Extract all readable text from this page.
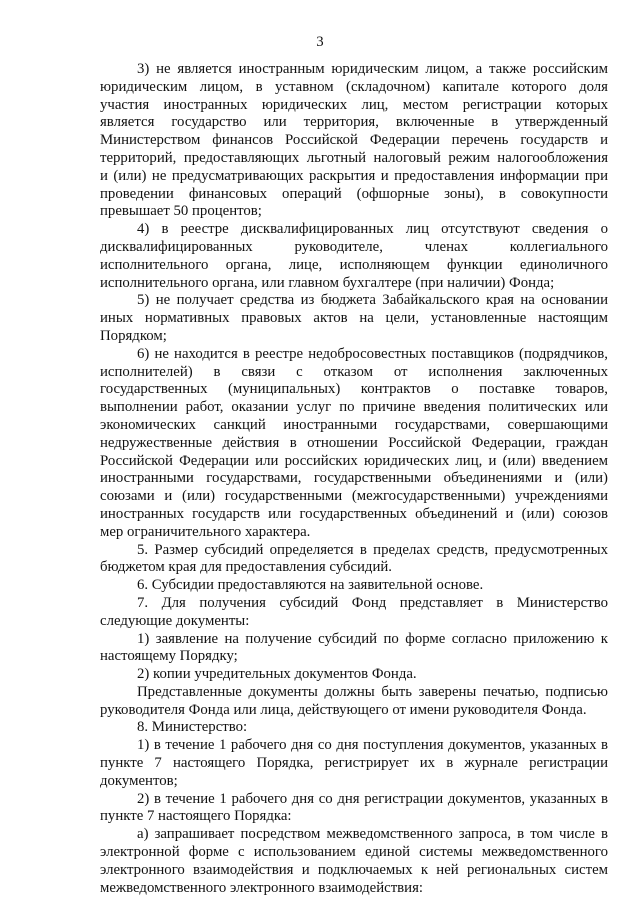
3
3) не является иностранным юридическим лицом, а также российским
юридическим лицом, в уставном (складочном) капитале которого доля
участия иностранных юридических лиц, местом регистрации которых
является государство или территория, включенные в утвержденный
Министерством финансов Российской Федерации перечень государств и
территорий, предоставляющих льготный налоговый режим налогообложения
и (или) не предусматривающих раскрытия и предоставления информации при
проведении финансовых операций (офшорные зоны), в совокупности
превышает 50 процентов;
4) в реестре дисквалифицированных лиц отсутствуют сведения о
дисквалифицированных руководителе, членах коллегиального
исполнительного органа, лице, исполняющем функции единоличного
исполнительного органа, или главном бухгалтере (при наличии) Фонда;
5) не получает средства из бюджета Забайкальского края на основании
иных нормативных правовых актов на цели, установленные настоящим
Порядком;
6) не находится в реестре недобросовестных поставщиков (подрядчиков,
исполнителей) в связи с отказом от исполнения заключенных
государственных (муниципальных) контрактов о поставке товаров,
выполнении работ, оказании услуг по причине введения политических или
экономических санкций иностранными государствами, совершающими
недружественные действия в отношении Российской Федерации, граждан
Российской Федерации или российских юридических лиц, и (или) введением
иностранными государствами, государственными объединениями и (или)
союзами и (или) государственными (межгосударственными) учреждениями
иностранных государств или государственных объединений и (или) союзов
мер ограничительного характера.
5. Размер субсидий определяется в пределах средств, предусмотренных
бюджетом края для предоставления субсидий.
6. Субсидии предоставляются на заявительной основе.
7. Для получения субсидий Фонд представляет в Министерство
следующие документы:
1) заявление на получение субсидий по форме согласно приложению к
настоящему Порядку;
2) копии учредительных документов Фонда.
Представленные документы должны быть заверены печатью, подписью
руководителя Фонда или лица, действующего от имени руководителя Фонда.
8. Министерство:
1) в течение 1 рабочего дня со дня поступления документов, указанных в
пункте 7 настоящего Порядка, регистрирует их в журнале регистрации
документов;
2) в течение 1 рабочего дня со дня регистрации документов, указанных в
пункте 7 настоящего Порядка:
а) запрашивает посредством межведомственного запроса, в том числе в
электронной форме с использованием единой системы межведомственного
электронного взаимодействия и подключаемых к ней региональных систем
межведомственного электронного взаимодействия:
